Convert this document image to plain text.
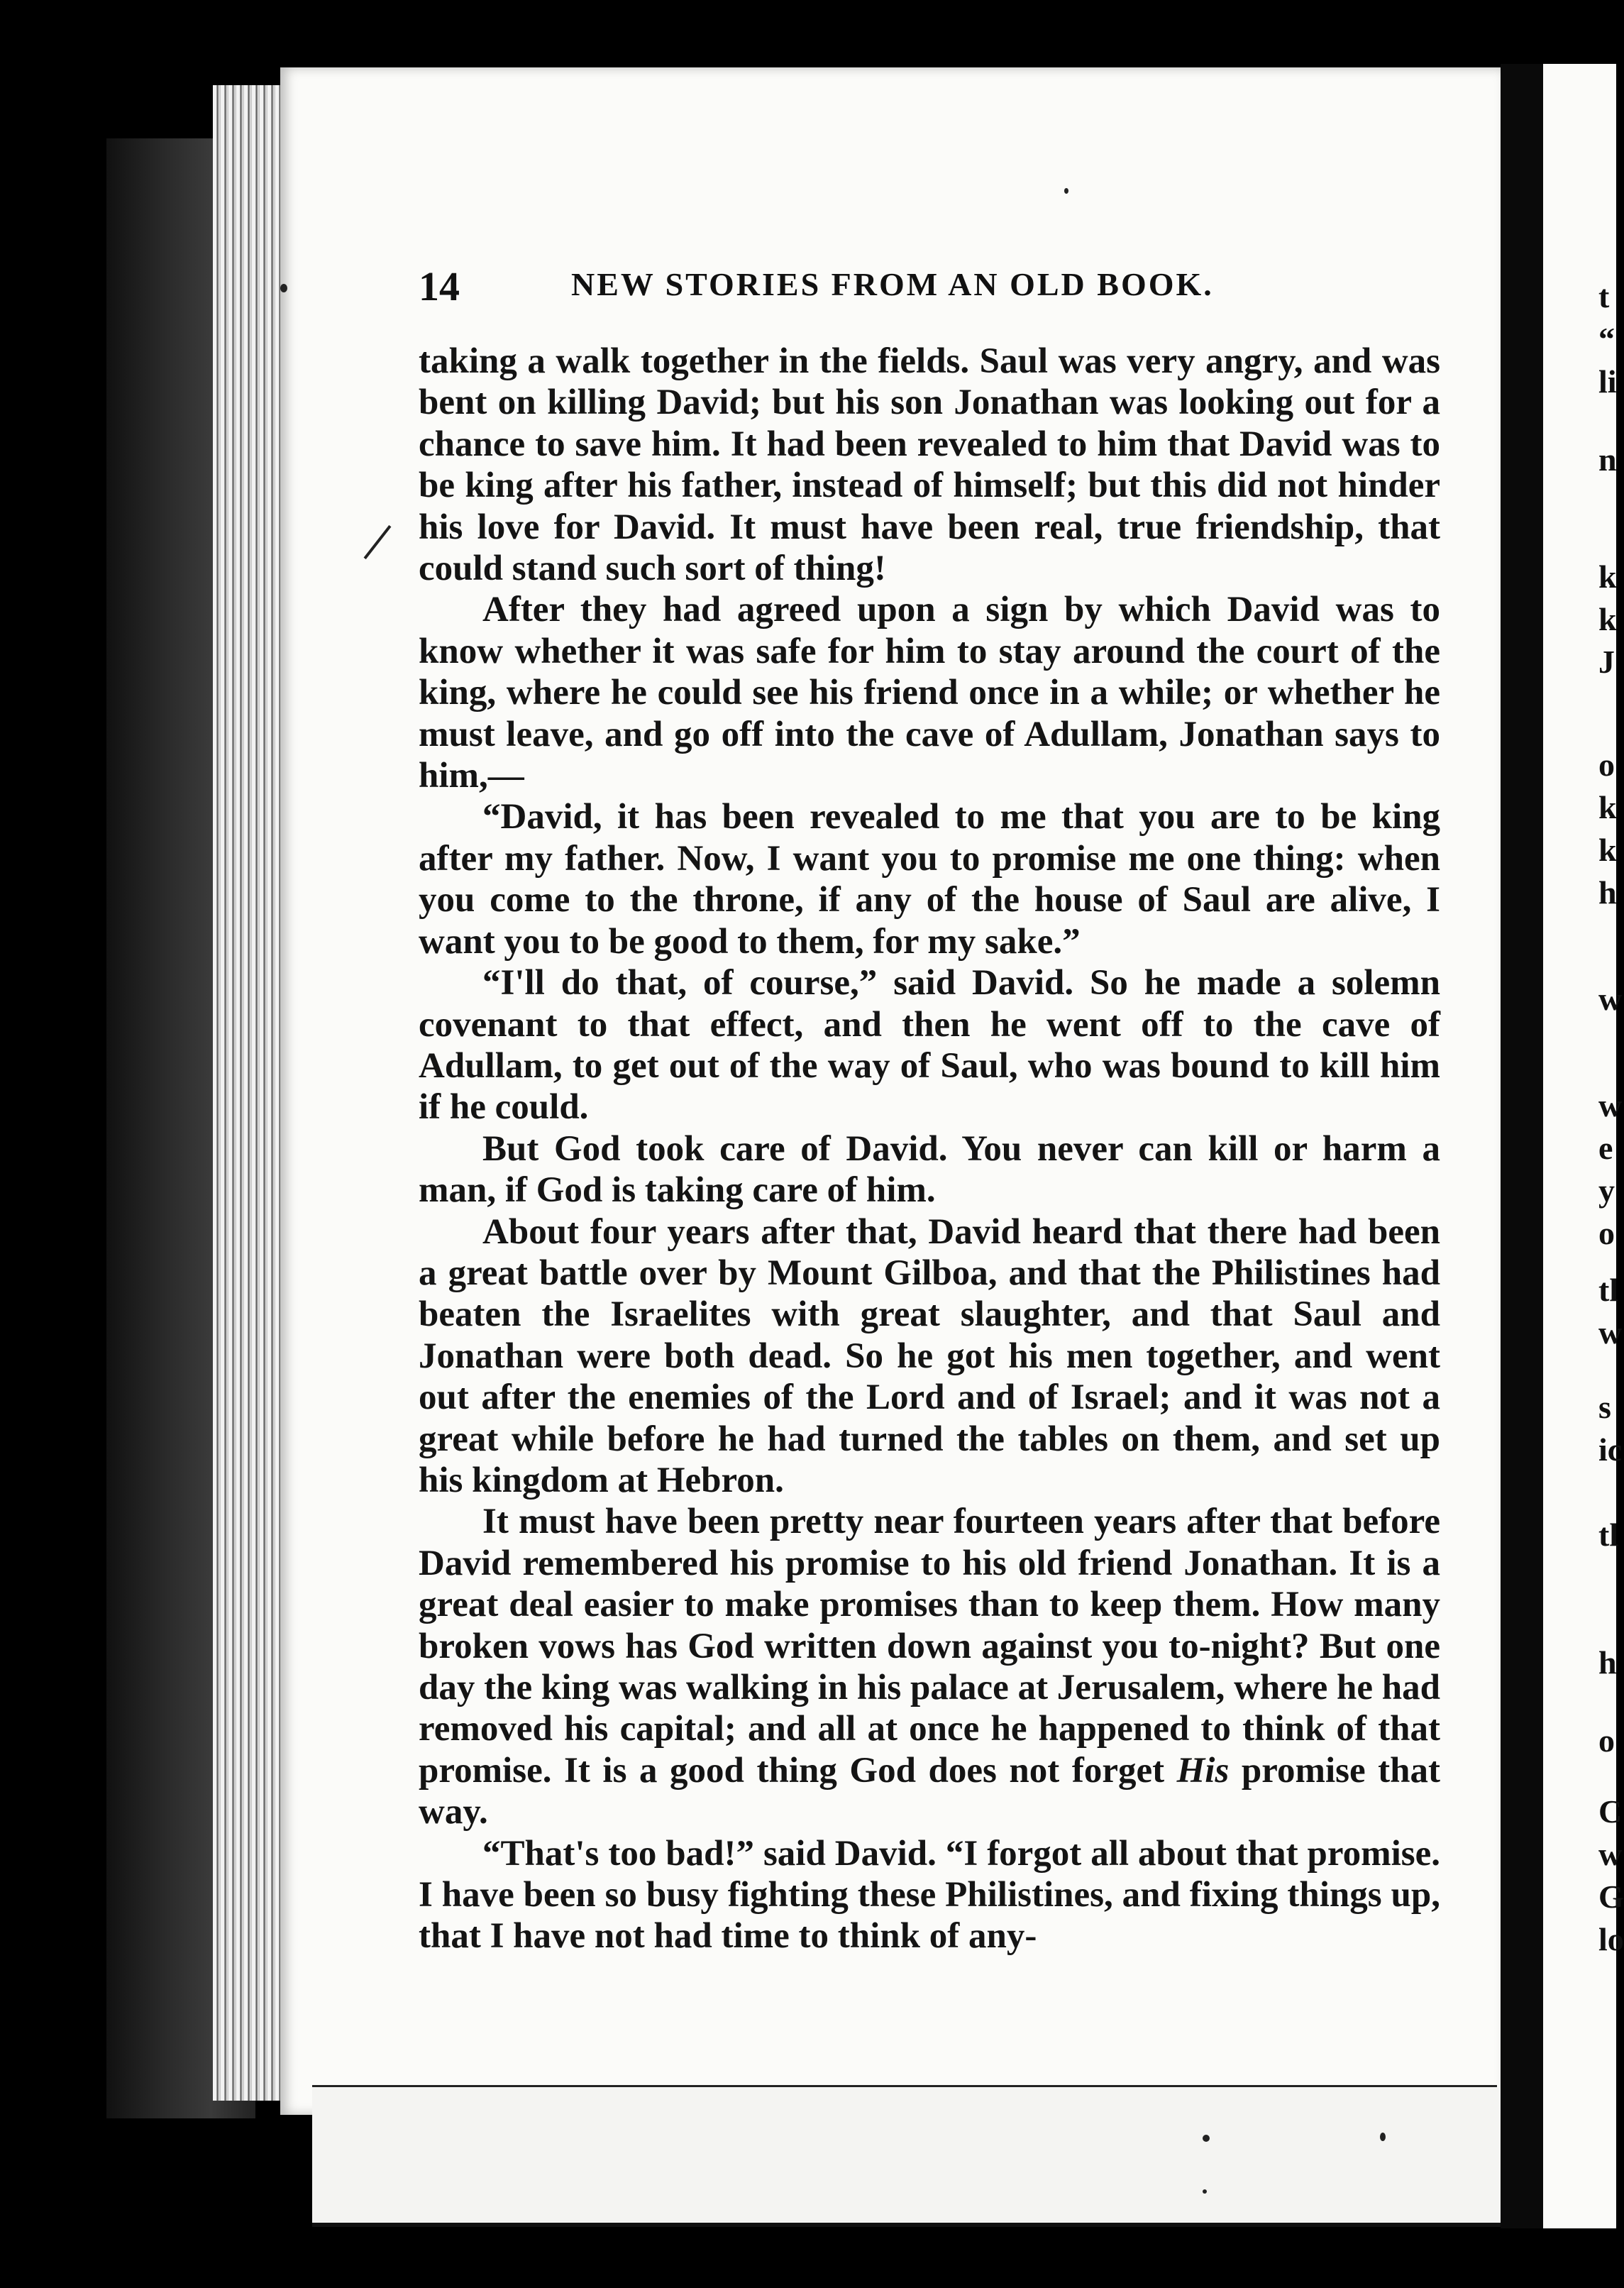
t
“
li
n
k
k
J
o
k
k
h
w
w
e
y
o
tl
w
s
ic
tl
h
o
C
w
G
lo
14	NEW STORIES FROM AN OLD BOOK.

taking a walk together in the fields. Saul was very angry, and was bent on killing David; but his son Jonathan was looking out for a chance to save him. It had been revealed to him that David was to be king after his father, instead of himself; but this did not hinder his love for David. It must have been real, true friendship, that could stand such sort of thing!

After they had agreed upon a sign by which David was to know whether it was safe for him to stay around the court of the king, where he could see his friend once in a while; or whether he must leave, and go off into the cave of Adullam, Jonathan says to him,—

“David, it has been revealed to me that you are to be king after my father. Now, I want you to promise me one thing: when you come to the throne, if any of the house of Saul are alive, I want you to be good to them, for my sake.”

“I'll do that, of course,” said David. So he made a solemn covenant to that effect, and then he went off to the cave of Adullam, to get out of the way of Saul, who was bound to kill him if he could.

But God took care of David. You never can kill or harm a man, if God is taking care of him.

About four years after that, David heard that there had been a great battle over by Mount Gilboa, and that the Philistines had beaten the Israelites with great slaughter, and that Saul and Jonathan were both dead. So he got his men together, and went out after the enemies of the Lord and of Israel; and it was not a great while before he had turned the tables on them, and set up his kingdom at Hebron.

It must have been pretty near fourteen years after that before David remembered his promise to his old friend Jonathan. It is a great deal easier to make promises than to keep them. How many broken vows has God written down against you to-night? But one day the king was walking in his palace at Jerusalem, where he had removed his capital; and all at once he happened to think of that promise. It is a good thing God does not forget His promise that way.

“That's too bad!” said David. “I forgot all about that promise. I have been so busy fighting these Philistines, and fixing things up, that I have not had time to think of any-
